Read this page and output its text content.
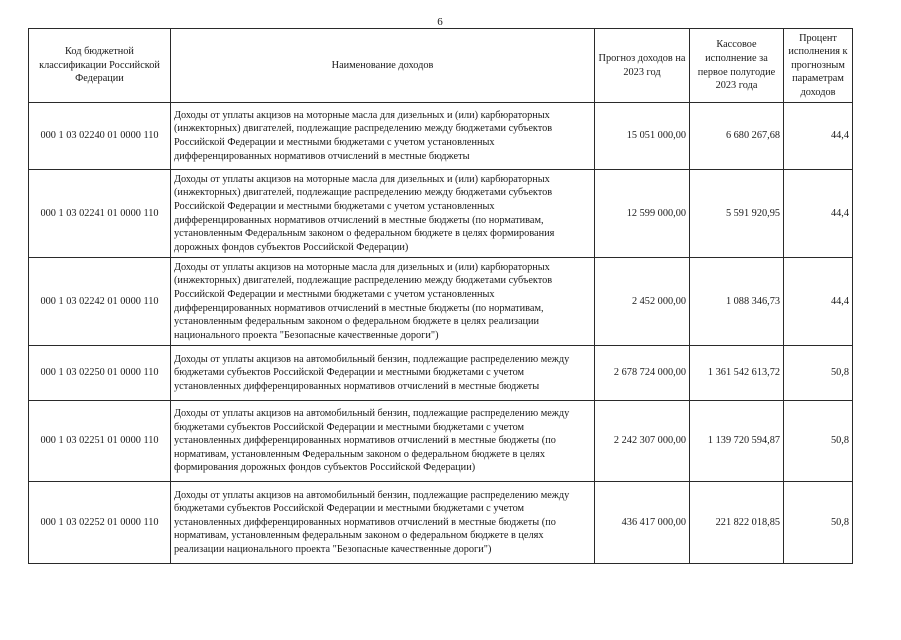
6
Код бюджетной классификации Российской Федерации	Наименование доходов	Прогноз доходов на 2023 год	Кассовое исполнение за первое полугодие 2023 года	Процент исполнения к прогнозным параметрам доходов
000 1 03 02240 01 0000 110	Доходы от уплаты акцизов на моторные масла для дизельных и (или) карбюраторных (инжекторных) двигателей, подлежащие распределению между бюджетами субъектов Российской Федерации и местными бюджетами с учетом установленных дифференцированных нормативов отчислений в местные бюджеты	15 051 000,00	6 680 267,68	44,4
000 1 03 02241 01 0000 110	Доходы от уплаты акцизов на моторные масла для дизельных и (или) карбюраторных (инжекторных) двигателей, подлежащие распределению между бюджетами субъектов Российской Федерации и местными бюджетами с учетом установленных дифференцированных нормативов отчислений в местные бюджеты (по нормативам, установленным Федеральным законом о федеральном бюджете в целях формирования дорожных фондов субъектов Российской Федерации)	12 599 000,00	5 591 920,95	44,4
000 1 03 02242 01 0000 110	Доходы от уплаты акцизов на моторные масла для дизельных и (или) карбюраторных (инжекторных) двигателей, подлежащие распределению между бюджетами субъектов Российской Федерации и местными бюджетами с учетом установленных дифференцированных нормативов отчислений в местные бюджеты (по нормативам, установленным федеральным законом о федеральном бюджете в целях реализации национального проекта "Безопасные качественные дороги")	2 452 000,00	1 088 346,73	44,4
000 1 03 02250 01 0000 110	Доходы от уплаты акцизов на автомобильный бензин, подлежащие распределению между бюджетами субъектов Российской Федерации и местными бюджетами с учетом установленных дифференцированных нормативов отчислений в местные бюджеты	2 678 724 000,00	1 361 542 613,72	50,8
000 1 03 02251 01 0000 110	Доходы от уплаты акцизов на автомобильный бензин, подлежащие распределению между бюджетами субъектов Российской Федерации и местными бюджетами с учетом установленных дифференцированных нормативов отчислений в местные бюджеты (по нормативам, установленным Федеральным законом о федеральном бюджете в целях формирования дорожных фондов субъектов Российской Федерации)	2 242 307 000,00	1 139 720 594,87	50,8
000 1 03 02252 01 0000 110	Доходы от уплаты акцизов на автомобильный бензин, подлежащие распределению между бюджетами субъектов Российской Федерации и местными бюджетами с учетом установленных дифференцированных нормативов отчислений в местные бюджеты (по нормативам, установленным федеральным законом о федеральном бюджете в целях реализации национального проекта "Безопасные качественные дороги")	436 417 000,00	221 822 018,85	50,8
